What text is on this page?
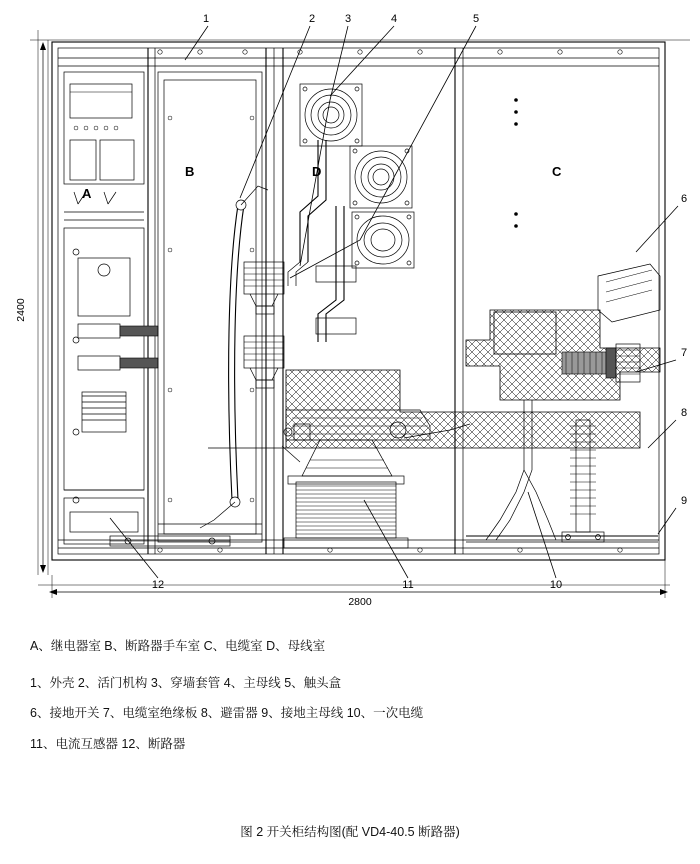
2400
2800
1	2	3	4	5
6
7
8
9
10
11
12
A
B	C
D
A、继电器室 B、断路器手车室 C、电缆室 D、母线室
1、外壳 2、活门机构 3、穿墙套管 4、主母线 5、触头盒
6、接地开关 7、电缆室绝缘板 8、避雷器 9、接地主母线 10、一次电缆
11、电流互感器 12、断路器
图 2 开关柜结构图(配 VD4-40.5 断路器)
